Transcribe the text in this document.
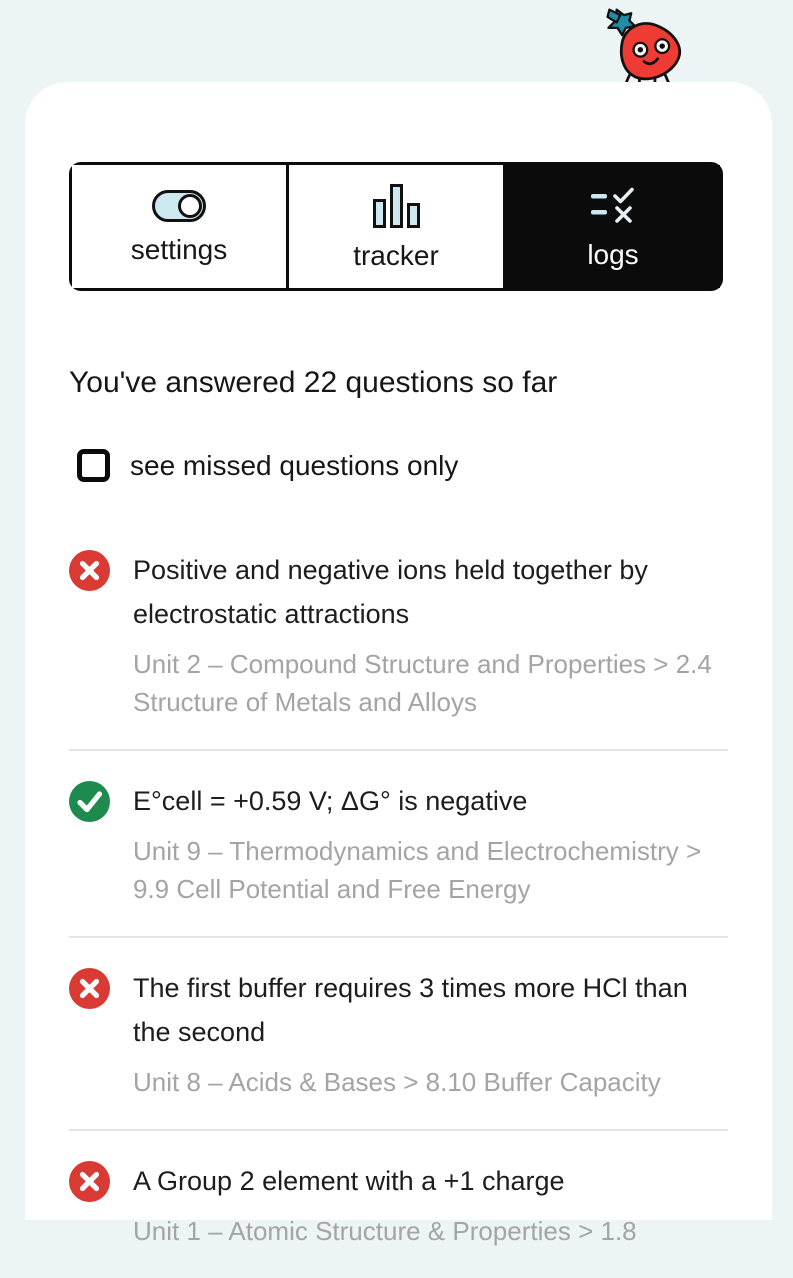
settings	tracker	logs
You've answered 22 questions so far
see missed questions only
Positive and negative ions held together by electrostatic attractions
Unit 2 – Compound Structure and Properties > 2.4 Structure of Metals and Alloys
E°cell = +0.59 V; ΔG° is negative
Unit 9 – Thermodynamics and Electrochemistry > 9.9 Cell Potential and Free Energy
The first buffer requires 3 times more HCl than the second
Unit 8 – Acids & Bases > 8.10 Buffer Capacity
A Group 2 element with a +1 charge
Unit 1 – Atomic Structure & Properties > 1.8
